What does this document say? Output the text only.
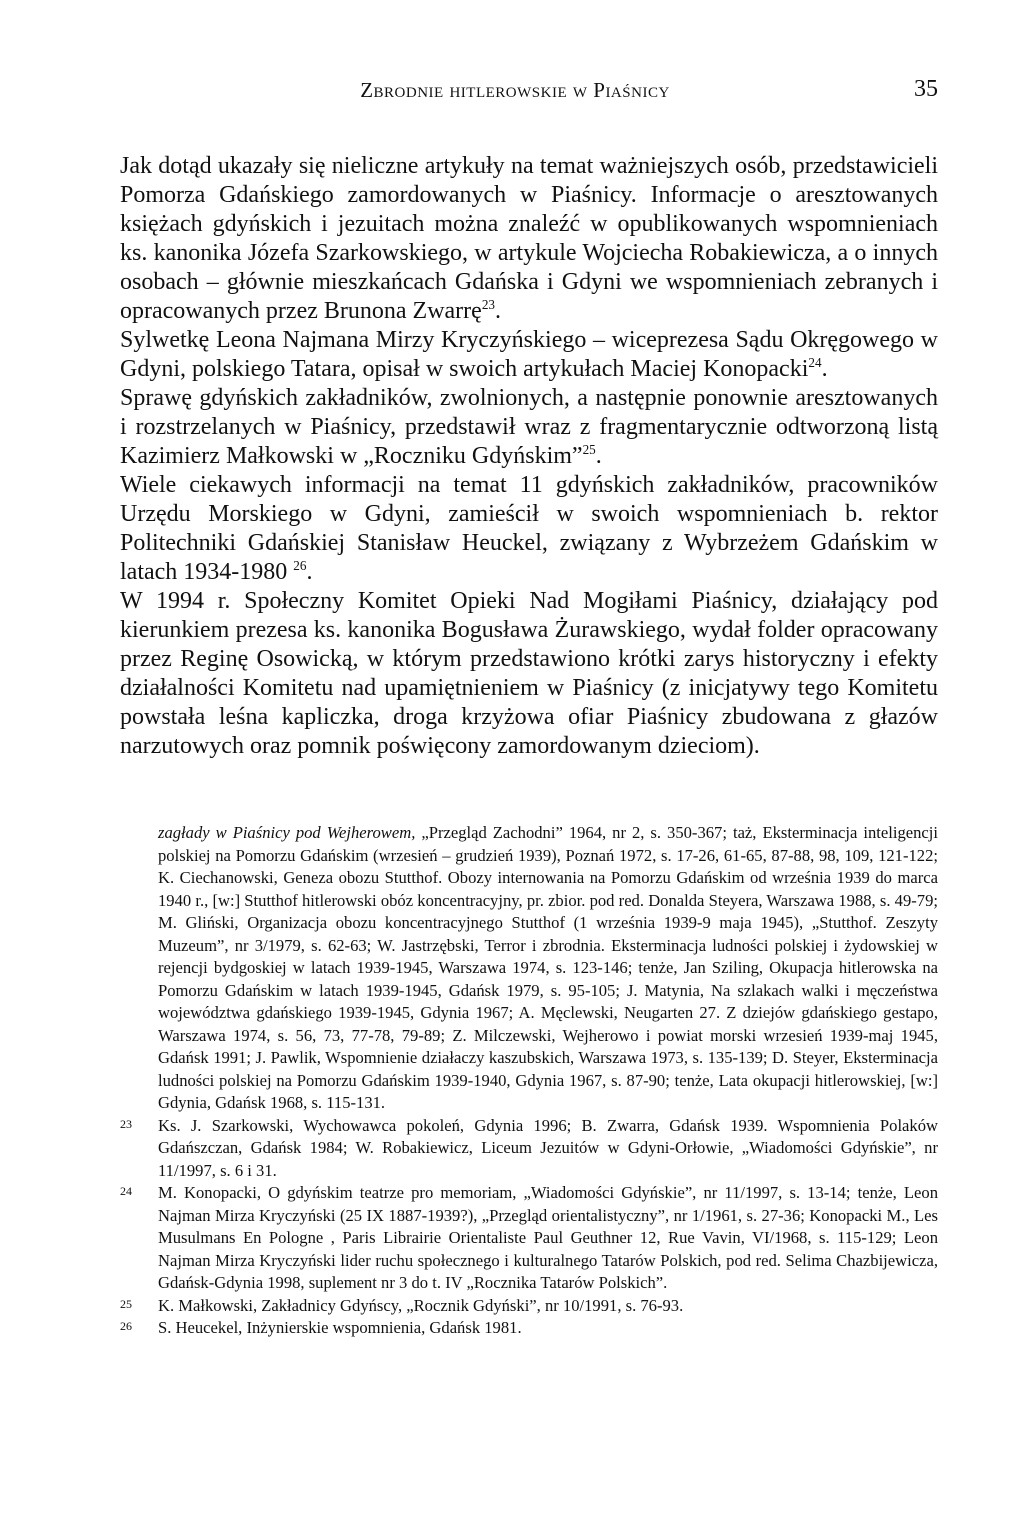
Zbrodnie hitlerowskie w Piaśnicy	35

Jak dotąd ukazały się nieliczne artykuły na temat ważniejszych osób, przedstawicieli Pomorza Gdańskiego zamordowanych w Piaśnicy. Informacje o aresztowanych księżach gdyńskich i jezuitach można znaleźć w opublikowanych wspomnieniach ks. kanonika Józefa Szarkowskiego, w artykule Wojciecha Robakiewicza, a o innych osobach – głównie mieszkańcach Gdańska i Gdyni we wspomnieniach zebranych i opracowanych przez Brunona Zwarrę$^{23}$.

Sylwetkę Leona Najmana Mirzy Kryczyńskiego – wiceprezesa Sądu Okręgowego w Gdyni, polskiego Tatara, opisał w swoich artykułach Maciej Konopacki$^{24}$.

Sprawę gdyńskich zakładników, zwolnionych, a następnie ponownie aresztowanych i rozstrzelanych w Piaśnicy, przedstawił wraz z fragmentarycznie odtworzoną listą Kazimierz Małkowski w „Roczniku Gdyńskim”$^{25}$.

Wiele ciekawych informacji na temat 11 gdyńskich zakładników, pracowników Urzędu Morskiego w Gdyni, zamieścił w swoich wspomnieniach b. rektor Politechniki Gdańskiej Stanisław Heuckel, związany z Wybrzeżem Gdańskim w latach 1934-1980 $^{26}$.

W 1994 r. Społeczny Komitet Opieki Nad Mogiłami Piaśnicy, działający pod kierunkiem prezesa ks. kanonika Bogusława Żurawskiego, wydał folder opracowany przez Reginę Osowicką, w którym przedstawiono krótki zarys historyczny i efekty działalności Komitetu nad upamiętnieniem w Piaśnicy (z inicjatywy tego Komitetu powstała leśna kapliczka, droga krzyżowa ofiar Piaśnicy zbudowana z głazów narzutowych oraz pomnik poświęcony zamordowanym dzieciom).

zagłady w Piaśnicy pod Wejherowem, „Przegląd Zachodni” 1964, nr 2, s. 350-367; taż, Eksterminacja inteligencji polskiej na Pomorzu Gdańskim (wrzesień – grudzień 1939), Poznań 1972, s. 17-26, 61-65, 87-88, 98, 109, 121-122; K. Ciechanowski, Geneza obozu Stutthof. Obozy internowania na Pomorzu Gdańskim od września 1939 do marca 1940 r., [w:] Stutthof hitlerowski obóz koncentracyjny, pr. zbior. pod red. Donalda Steyera, Warszawa 1988, s. 49-79; M. Gliński, Organizacja obozu koncentracyjnego Stutthof (1 września 1939-9 maja 1945), „Stutthof. Zeszyty Muzeum”, nr 3/1979, s. 62-63; W. Jastrzębski, Terror i zbrodnia. Eksterminacja ludności polskiej i żydowskiej w rejencji bydgoskiej w latach 1939-1945, Warszawa 1974, s. 123-146; tenże, Jan Sziling, Okupacja hitlerowska na Pomorzu Gdańskim w latach 1939-1945, Gdańsk 1979, s. 95-105; J. Matynia, Na szlakach walki i męczeństwa województwa gdańskiego 1939-1945, Gdynia 1967; A. Męclewski, Neugarten 27. Z dziejów gdańskiego gestapo, Warszawa 1974, s. 56, 73, 77-78, 79-89; Z. Milczewski, Wejherowo i powiat morski wrzesień 1939-maj 1945, Gdańsk 1991; J. Pawlik, Wspomnienie działaczy kaszubskich, Warszawa 1973, s. 135-139; D. Steyer, Eksterminacja ludności polskiej na Pomorzu Gdańskim 1939-1940, Gdynia 1967, s. 87-90; tenże, Lata okupacji hitlerowskiej, [w:] Gdynia, Gdańsk 1968, s. 115-131.

23 Ks. J. Szarkowski, Wychowawca pokoleń, Gdynia 1996; B. Zwarra, Gdańsk 1939. Wspomnienia Polaków Gdańszczan, Gdańsk 1984; W. Robakiewicz, Liceum Jezuitów w Gdyni-Orłowie, „Wiadomości Gdyńskie”, nr 11/1997, s. 6 i 31.

24 M. Konopacki, O gdyńskim teatrze pro memoriam, „Wiadomości Gdyńskie”, nr 11/1997, s. 13-14; tenże, Leon Najman Mirza Kryczyński (25 IX 1887-1939?), „Przegląd orientalistyczny”, nr 1/1961, s. 27-36; Konopacki M., Les Musulmans En Pologne , Paris Librairie Orientaliste Paul Geuthner 12, Rue Vavin, VI/1968, s. 115-129; Leon Najman Mirza Kryczyński lider ruchu społecznego i kulturalnego Tatarów Polskich, pod red. Selima Chazbijewicza, Gdańsk-Gdynia 1998, suplement nr 3 do t. IV „Rocznika Tatarów Polskich”.

25 K. Małkowski, Zakładnicy Gdyńscy, „Rocznik Gdyński”, nr 10/1991, s. 76-93.

26 S. Heucekel, Inżynierskie wspomnienia, Gdańsk 1981.
